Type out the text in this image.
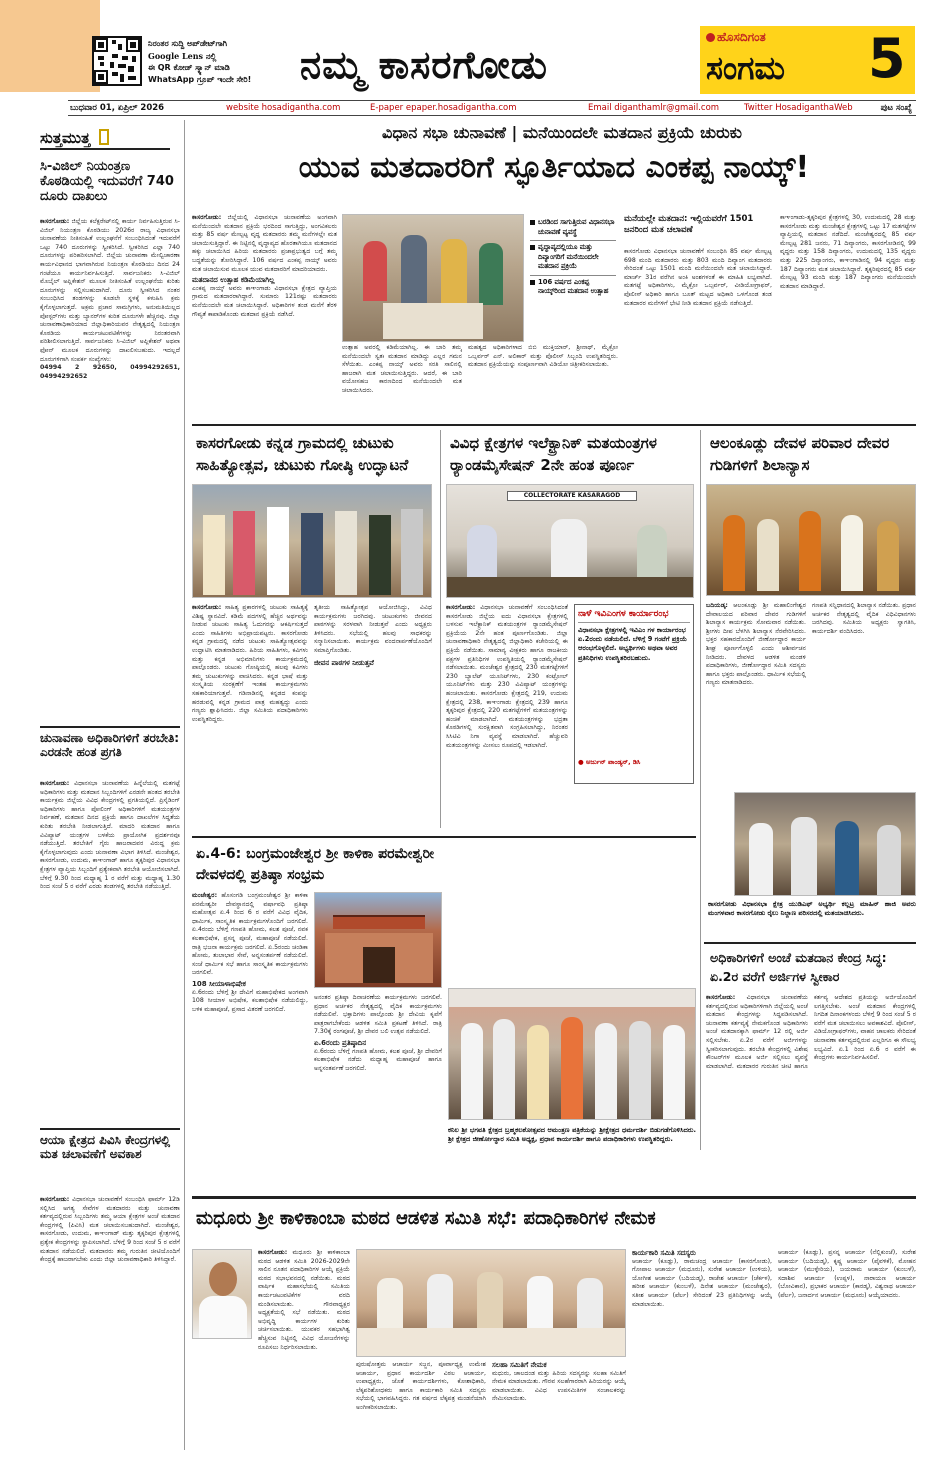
ನಿರಂತರ ಸುದ್ದಿ ಅಪ್‌ಡೇಟ್‌ಗಾಗಿ
Google Lens ನಲ್ಲಿ
ಈ QR ಕೋಡ್ ಸ್ಕ್ಯಾನ್ ಮಾಡಿ
WhatsApp ಗ್ರೂಪ್ ಇಂದೇ ಸೇರಿ!	ನಮ್ಮ ಕಾಸರಗೋಡು
ಹೊಸದಿಗಂತ
ಸಂಗಮ 5
ಬುಧವಾರ 01, ಏಪ್ರಿಲ್ 2026	website hosadigantha.com	E-paper epaper.hosadigantha.com	Email diganthamlr@gmail.com	Twitter HosadiganthaWeb	ಪುಟ ಸಂಖ್ಯೆ
ಸುತ್ತಮುತ್ತ
ಸಿ-ವಿಜಿಲ್ ನಿಯಂತ್ರಣ ಕೊಠಡಿಯಲ್ಲಿ ಇದುವರೆಗೆ 740 ದೂರು ದಾಖಲು
ಕಾಸರಗೋಡು: ಜಿಲ್ಲೆಯ ಕಲೆಕ್ಟರೇಟ್‌ನಲ್ಲಿ ಕಾರ್ಯ ನಿರ್ವಹಿಸುತ್ತಿರುವ ಸಿ-ವಿಜಿಲ್ ನಿಯಂತ್ರಣ ಕೊಠಡಿಯು 2026ರ ರಾಜ್ಯ ವಿಧಾನಸಭಾ ಚುನಾವಣೆಯ ನೀತಿಸಂಹಿತೆ ಉಲ್ಲಂಘನೆಗೆ ಸಂಬಂಧಿಸಿದಂತೆ ಇದುವರೆಗೆ ಒಟ್ಟು 740 ದೂರುಗಳನ್ನು ಸ್ವೀಕರಿಸಿದೆ. ಸ್ವೀಕರಿಸಿದ ಎಲ್ಲಾ 740 ದೂರುಗಳನ್ನು ಪರಿಹರಿಸಲಾಗಿದೆ. ಜಿಲ್ಲೆಯ ಚುನಾವಣಾ ಮೇಲ್ವಿಚಾರಣಾ ಕಾರ್ಯವಿಧಾನದ ಭಾಗವಾಗಿರುವ ನಿಯಂತ್ರಣ ಕೊಠಡಿಯು ದಿನದ 24 ಗಂಟೆಯೂ ಕಾರ್ಯನಿರ್ವಹಿಸುತ್ತಿದೆ. ಸಾರ್ವಜನಿಕರು ಸಿ-ವಿಜಿಲ್ ಮೊಬೈಲ್ ಅಪ್ಲಿಕೇಶನ್ ಮೂಲಕ ನೀತಿಸಂಹಿತೆ ಉಲ್ಲಂಘನೆಯ ಕುರಿತು ದೂರುಗಳನ್ನು ಸಲ್ಲಿಸಬಹುದಾಗಿದೆ. ದೂರು ಸ್ವೀಕರಿಸಿದ ನಂತರ ಸಂಬಂಧಿಸಿದ ತಂಡಗಳನ್ನು ಕೂಡಲೇ ಸ್ಥಳಕ್ಕೆ ಕಳುಹಿಸಿ ಕ್ರಮ ಕೈಗೊಳ್ಳಲಾಗುತ್ತದೆ. ಅಕ್ರಮ ಪ್ರಚಾರ ಸಾಮಗ್ರಿಗಳು, ಅನುಮತಿಯಿಲ್ಲದ ಪೋಸ್ಟರ್‌ಗಳು ಮತ್ತು ಬ್ಯಾನರ್‌ಗಳ ಕುರಿತ ದೂರುಗಳೇ ಹೆಚ್ಚಿನವು. ಜಿಲ್ಲಾ ಚುನಾವಣಾಧಿಕಾರಿಯಾದ ಜಿಲ್ಲಾಧಿಕಾರಿಯವರ ನೇತೃತ್ವದಲ್ಲಿ ನಿಯಂತ್ರಣ ಕೊಠಡಿಯ ಕಾರ್ಯಚಟುವಟಿಕೆಗಳನ್ನು ನಿರಂತರವಾಗಿ ಪರಿಶೀಲಿಸಲಾಗುತ್ತಿದೆ. ಸಾರ್ವಜನಿಕರು ಸಿ-ವಿಜಿಲ್ ಅಪ್ಲಿಕೇಶನ್ ಅಥವಾ ಫೋನ್ ಮೂಲಕ ದೂರುಗಳನ್ನು ದಾಖಲಿಸಬಹುದು. ಇದಲ್ಲದೆ ದೂರುಗಳಿಗಾಗಿ ಸಂಪರ್ಕ ಸಂಖ್ಯೆಗಳು:
04994 2 92650, 04994292651, 04994292652
ಚುನಾವಣಾ ಅಧಿಕಾರಿಗಳಿಗೆ ತರಬೇತಿ: ಎರಡನೇ ಹಂತ ಪ್ರಗತಿ
ಕಾಸರಗೋಡು: ವಿಧಾನಸಭಾ ಚುನಾವಣೆಯ ಹಿನ್ನೆಲೆಯಲ್ಲಿ ಮತಗಟ್ಟೆ ಅಧಿಕಾರಿಗಳು ಮತ್ತು ಮತದಾನ ಸಿಬ್ಬಂದಿಗಳಿಗೆ ಎರಡನೇ ಹಂತದ ತರಬೇತಿ ಕಾರ್ಯಕ್ರಮ ಜಿಲ್ಲೆಯ ವಿವಿಧ ಕೇಂದ್ರಗಳಲ್ಲಿ ಪ್ರಗತಿಯಲ್ಲಿದೆ. ಪ್ರಿಸೈಡಿಂಗ್ ಅಧಿಕಾರಿಗಳು ಹಾಗೂ ಪೋಲಿಂಗ್ ಅಧಿಕಾರಿಗಳಿಗೆ ಮತಯಂತ್ರಗಳ ನಿರ್ವಹಣೆ, ಮತದಾನ ದಿನದ ಪ್ರಕ್ರಿಯೆ ಹಾಗೂ ದಾಖಲೆಗಳ ಸಿದ್ಧತೆಯ ಕುರಿತು ತರಬೇತಿ ನೀಡಲಾಗುತ್ತಿದೆ. ಮಾದರಿ ಮತದಾನ ಹಾಗೂ ವಿವಿಪ್ಯಾಟ್ ಯಂತ್ರಗಳ ಬಳಕೆಯ ಪ್ರಾಯೋಗಿಕ ಪ್ರದರ್ಶನವೂ ನಡೆಯುತ್ತಿದೆ. ತರಬೇತಿಗೆ ಗೈರು ಹಾಜರಾದವರ ವಿರುದ್ಧ ಕ್ರಮ ಕೈಗೊಳ್ಳಲಾಗುವುದು ಎಂದು ಚುನಾವಣಾ ವಿಭಾಗ ತಿಳಿಸಿದೆ. ಮಂಜೇಶ್ವರ, ಕಾಸರಗೋಡು, ಉದುಮ, ಕಾಞಂಗಾಡ್ ಹಾಗೂ ತೃಕ್ಕರಿಪುರ ವಿಧಾನಸಭಾ ಕ್ಷೇತ್ರಗಳ ವ್ಯಾಪ್ತಿಯ ಸಿಬ್ಬಂದಿಗೆ ಪ್ರತ್ಯೇಕವಾಗಿ ತರಬೇತಿ ಆಯೋಜಿಸಲಾಗಿದೆ. ಬೆಳಿಗ್ಗೆ 9.30 ರಿಂದ ಮಧ್ಯಾಹ್ನ 1 ರ ವರೆಗೆ ಮತ್ತು ಮಧ್ಯಾಹ್ನ 1.30 ರಿಂದ ಸಂಜೆ 5 ರ ವರೆಗೆ ಎರಡು ತಂಡಗಳಲ್ಲಿ ತರಬೇತಿ ನಡೆಯುತ್ತಿದೆ.
ಆಯಾ ಕ್ಷೇತ್ರದ ಪಿವಿಸಿ ಕೇಂದ್ರಗಳಲ್ಲಿ ಮತ ಚಲಾವಣೆಗೆ ಅವಕಾಶ
ಕಾಸರಗೋಡು: ವಿಧಾನಸಭಾ ಚುನಾವಣೆಗೆ ಸಂಬಂಧಿಸಿ ಫಾರ್ಮ್ 12ಡಿ ಸಲ್ಲಿಸಿದ ಅಗತ್ಯ ಸೇವೆಗಳ ಮತದಾರರು ಮತ್ತು ಚುನಾವಣಾ ಕರ್ತವ್ಯದಲ್ಲಿರುವ ಸಿಬ್ಬಂದಿಗಳು ತಮ್ಮ ಆಯಾ ಕ್ಷೇತ್ರಗಳ ಅಂಚೆ ಮತದಾನ ಕೇಂದ್ರಗಳಲ್ಲಿ (ಪಿವಿಸಿ) ಮತ ಚಲಾಯಿಸಬಹುದಾಗಿದೆ. ಮಂಜೇಶ್ವರ, ಕಾಸರಗೋಡು, ಉದುಮ, ಕಾಞಂಗಾಡ್ ಮತ್ತು ತೃಕ್ಕರಿಪುರ ಕ್ಷೇತ್ರಗಳಲ್ಲಿ ಪ್ರತ್ಯೇಕ ಕೇಂದ್ರಗಳನ್ನು ಸ್ಥಾಪಿಸಲಾಗಿದೆ. ಬೆಳಿಗ್ಗೆ 9 ರಿಂದ ಸಂಜೆ 5 ರ ವರೆಗೆ ಮತದಾನ ನಡೆಯಲಿದೆ. ಮತದಾರರು ತಮ್ಮ ಗುರುತಿನ ಚೀಟಿಯೊಂದಿಗೆ ಕೇಂದ್ರಕ್ಕೆ ಹಾಜರಾಗಬೇಕು ಎಂದು ಜಿಲ್ಲಾ ಚುನಾವಣಾಧಿಕಾರಿ ತಿಳಿಸಿದ್ದಾರೆ.
ವಿಧಾನ ಸಭಾ ಚುನಾವಣೆ | ಮನೆಯಿಂದಲೇ ಮತದಾನ ಪ್ರಕ್ರಿಯೆ ಚುರುಕು
ಯುವ ಮತದಾರರಿಗೆ ಸ್ಫೂರ್ತಿಯಾದ ಎಂಕಪ್ಪ ನಾಯ್ಕ್!
ಕಾಸರಗೋಡು: ಜಿಲ್ಲೆಯಲ್ಲಿ ವಿಧಾನಸಭಾ ಚುನಾವಣೆಯ ಅಂಗವಾಗಿ ಮನೆಯಿಂದಲೇ ಮತದಾನ ಪ್ರಕ್ರಿಯೆ ಭರದಿಂದ ಸಾಗುತ್ತಿದ್ದು, ಅಂಗವಿಕಲರು ಮತ್ತು 85 ವರ್ಷ ಮೇಲ್ಪಟ್ಟ ವೃದ್ಧ ಮತದಾರರು ತಮ್ಮ ಮನೆಗಳಲ್ಲೇ ಮತ ಚಲಾಯಿಸುತ್ತಿದ್ದಾರೆ. ಈ ನಿಟ್ಟಿನಲ್ಲಿ ವೃದ್ಧಾಪ್ಯದ ಹೊರತಾಗಿಯೂ ಮತದಾನದ ಹಕ್ಕು ಚಲಾಯಿಸಿದ ಹಿರಿಯ ಮತದಾರರು ಪ್ರಜಾಪ್ರಭುತ್ವದ ಬಗ್ಗೆ ತಮ್ಮ ಬದ್ಧತೆಯನ್ನು ತೋರಿಸಿದ್ದಾರೆ. 106 ವರ್ಷದ ಎಂಕಪ್ಪ ನಾಯ್ಕ್ ಅವರು ಮತ ಚಲಾಯಿಸುವ ಮೂಲಕ ಯುವ ಮತದಾರರಿಗೆ ಮಾದರಿಯಾದರು.
ಮತದಾನದ ಉತ್ಸಾಹ ಕಡಿಮೆಯಾಗಿಲ್ಲ
ಎಂಕಪ್ಪ ನಾಯ್ಕ್ ಅವರು ಕಾಞಂಗಾಡು ವಿಧಾನಸಭಾ ಕ್ಷೇತ್ರದ ವ್ಯಾಪ್ತಿಯ ಗ್ರಾಮದ ಮತದಾರರಾಗಿದ್ದಾರೆ. ಸುಮಾರು 121ರಷ್ಟು ಮತದಾರರು ಮನೆಯಿಂದಲೇ ಮತ ಚಲಾಯಿಸಿದ್ದಾರೆ. ಅಧಿಕಾರಿಗಳ ತಂಡ ಮನೆಗೆ ತೆರಳಿ ಗೌಪ್ಯತೆ ಕಾಪಾಡಿಕೊಂಡು ಮತದಾನ ಪ್ರಕ್ರಿಯೆ ನಡೆಸಿದೆ.
ಬರಡಿಂದ ಸಾಗುತ್ತಿರುವ ವಿಧಾನಸಭಾ ಚುನಾವಣೆ ವ್ಯವಸ್ಥೆ
ವೃದ್ಧಾಪ್ಯದಲ್ಲಿಯೂ ಮತ್ತು ದಿವ್ಯಾಂಗರಿಗೆ ಮನೆಯಿಂದಲೇ ಮತದಾನ ಪ್ರಕ್ರಿಯೆ
106 ವರ್ಷದ ಎಂಕಪ್ಪ ನಾಯ್ಕ್‌ರಿಂದ ಮತದಾನ ಉತ್ಸಾಹ
ಉತ್ಸಾಹ ಅವರಲ್ಲಿ ಕಡಿಮೆಯಾಗಿಲ್ಲ. ಈ ಬಾರಿ ತಮ್ಮ ಮನೆಯಿಂದಲೇ ಸ್ವತಃ ಮತದಾನ ಮಾಡಿದ್ದು ಎಲ್ಲರ ಗಮನ ಸೆಳೆಯಿತು. ಎಂಕಪ್ಪ ನಾಯ್ಕ್ ಅವರು ಸರತಿ ಸಾಲಿನಲ್ಲಿ ಹಾಜರಾಗಿ ಮತ ಚಲಾಯಿಸುತ್ತಿದ್ದರು. ಆದರೆ, ಈ ಬಾರಿ ವಯೋಸಹಜ ಕಾರಣದಿಂದ ಮನೆಯಿಂದಲೇ ಮತ ಚಲಾಯಿಸಿದರು.
ಮಹತ್ವದ ಅಧಿಕಾರಿಗಳಾದ ಬಿಬಿ ಮುಕ್ತಿಯಾರ್, ಶ್ರೀನಾಥ್, ಮೈಕ್ರೋ ಒಬ್ಸರ್ವರ್ ಎನ್. ಅಲಿಕಾರ್ ಮತ್ತು ಪೊಲೀಸ್ ಸಿಬ್ಬಂದಿ ಉಪಸ್ಥಿತರಿದ್ದರು. ಮತದಾನ ಪ್ರಕ್ರಿಯೆಯನ್ನು ಸಂಪೂರ್ಣವಾಗಿ ವಿಡಿಯೋ ಚಿತ್ರೀಕರಿಸಲಾಯಿತು.
ಮನೆಯಲ್ಲೇ ಮತದಾನ: ಇಲ್ಲಿಯವರೆಗೆ 1501 ಜನರಿಂದ ಮತ ಚಲಾವಣೆ
ಕಾಸರಗೋಡು ವಿಧಾನಸಭಾ ಚುನಾವಣೆಗೆ ಸಂಬಂಧಿಸಿ 85 ವರ್ಷ ಮೇಲ್ಪಟ್ಟ 698 ಮಂದಿ ಮತದಾರರು ಮತ್ತು 803 ಮಂದಿ ದಿವ್ಯಾಂಗ ಮತದಾರರು ಸೇರಿದಂತೆ ಒಟ್ಟು 1501 ಮಂದಿ ಮನೆಯಿಂದಲೇ ಮತ ಚಲಾಯಿಸಿದ್ದಾರೆ. ಮಾರ್ಚ್ 31ರ ವರೆಗಿನ ಅಂಕಿ ಅಂಶಗಳಂತೆ ಈ ಮಾಹಿತಿ ಲಭ್ಯವಾಗಿದೆ. ಮತಗಟ್ಟೆ ಅಧಿಕಾರಿಗಳು, ಮೈಕ್ರೋ ಒಬ್ಸರ್ವರ್, ವೀಡಿಯೋಗ್ರಾಫರ್, ಪೊಲೀಸ್ ಅಧಿಕಾರಿ ಹಾಗೂ ಬೂತ್ ಮಟ್ಟದ ಅಧಿಕಾರಿ ಒಳಗೊಂಡ ತಂಡ ಮತದಾರರ ಮನೆಗಳಿಗೆ ಭೇಟಿ ನೀಡಿ ಮತದಾನ ಪ್ರಕ್ರಿಯೆ ನಡೆಸುತ್ತಿದೆ.
ಕಾಞಂಗಾಡು-ತೃಕ್ಕರಿಪುರ ಕ್ಷೇತ್ರಗಳಲ್ಲಿ 30, ಉದುಮದಲ್ಲಿ 28 ಮತ್ತು ಕಾಸರಗೋಡು ಮತ್ತು ಮಂಜೇಶ್ವರ ಕ್ಷೇತ್ರಗಳಲ್ಲಿ ಒಟ್ಟು 17 ಮತಗಟ್ಟೆಗಳ ವ್ಯಾಪ್ತಿಯಲ್ಲಿ ಮತದಾನ ನಡೆದಿದೆ. ಮಂಜೇಶ್ವರದಲ್ಲಿ 85 ವರ್ಷ ಮೇಲ್ಪಟ್ಟ 281 ಜನರು, 71 ದಿವ್ಯಾಂಗರು, ಕಾಸರಗೋಡಿನಲ್ಲಿ 99 ವೃದ್ಧರು ಮತ್ತು 158 ದಿವ್ಯಾಂಗರು, ಉದುಮದಲ್ಲಿ 135 ವೃದ್ಧರು ಮತ್ತು 225 ದಿವ್ಯಾಂಗರು, ಕಾಞಂಗಾಡಿನಲ್ಲಿ 94 ವೃದ್ಧರು ಮತ್ತು 187 ದಿವ್ಯಾಂಗರು ಮತ ಚಲಾಯಿಸಿದ್ದಾರೆ. ತೃಕ್ಕರಿಪುರದಲ್ಲಿ 85 ವರ್ಷ ಮೇಲ್ಪಟ್ಟ 93 ಮಂದಿ ಮತ್ತು 187 ದಿವ್ಯಾಂಗರು ಮನೆಯಿಂದಲೇ ಮತದಾನ ಮಾಡಿದ್ದಾರೆ.
ಕಾಸರಗೋಡು ಕನ್ನಡ ಗ್ರಾಮದಲ್ಲಿ ಚುಟುಕು ಸಾಹಿತ್ಯೋತ್ಸವ, ಚುಟುಕು ಗೋಷ್ಠಿ ಉದ್ಘಾಟನೆ
ಕಾಸರಗೋಡು: ಸಾಹಿತ್ಯ ಪ್ರಕಾರಗಳಲ್ಲಿ ಚುಟುಕು ಸಾಹಿತ್ಯಕ್ಕೆ ವಿಶಿಷ್ಟ ಸ್ಥಾನವಿದೆ. ಕಡಿಮೆ ಪದಗಳಲ್ಲಿ ಹೆಚ್ಚಿನ ಅರ್ಥವನ್ನು ನೀಡುವ ಚುಟುಕು ಸಾಹಿತ್ಯ ಓದುಗರನ್ನು ಆಕರ್ಷಿಸುತ್ತದೆ ಎಂದು ಸಾಹಿತಿಗಳು ಅಭಿಪ್ರಾಯಪಟ್ಟರು. ಕಾಸರಗೋಡು ಕನ್ನಡ ಗ್ರಾಮದಲ್ಲಿ ನಡೆದ ಚುಟುಕು ಸಾಹಿತ್ಯೋತ್ಸವವನ್ನು ಉದ್ಘಾಟಿಸಿ ಮಾತನಾಡಿದರು. ಹಿರಿಯ ಸಾಹಿತಿಗಳು, ಕವಿಗಳು ಮತ್ತು ಕನ್ನಡ ಅಭಿಮಾನಿಗಳು ಕಾರ್ಯಕ್ರಮದಲ್ಲಿ ಪಾಲ್ಗೊಂಡರು. ಚುಟುಕು ಗೋಷ್ಠಿಯಲ್ಲಿ ಹಲವು ಕವಿಗಳು ತಮ್ಮ ಚುಟುಕುಗಳನ್ನು ವಾಚಿಸಿದರು. ಕನ್ನಡ ಭಾಷೆ ಮತ್ತು ಸಂಸ್ಕೃತಿಯ ಸಂರಕ್ಷಣೆಗೆ ಇಂತಹ ಕಾರ್ಯಕ್ರಮಗಳು ಸಹಕಾರಿಯಾಗುತ್ತವೆ. ಗಡಿನಾಡಿನಲ್ಲಿ ಕನ್ನಡದ ಕಂಪನ್ನು ಹರಡುವಲ್ಲಿ ಕನ್ನಡ ಗ್ರಾಮದ ಪಾತ್ರ ಮಹತ್ವದ್ದು ಎಂದು ಗಣ್ಯರು ಶ್ಲಾಘಿಸಿದರು. ಜಿಲ್ಲಾ ಸಮಿತಿಯ ಪದಾಧಿಕಾರಿಗಳು ಉಪಸ್ಥಿತರಿದ್ದರು.
ತೃತೀಯ ಸಾಹಿತ್ಯೋತ್ಸವ ಆಯೋಜಿಸಿದ್ದು, ವಿವಿಧ ಕಾರ್ಯಕ್ರಮಗಳು ಜರಗಿದವು. ಚುಟುಕುಗಳು ಜೀವನದ ಪಾಠಗಳನ್ನು ಸರಳವಾಗಿ ನೀಡುತ್ತವೆ ಎಂದು ಅಧ್ಯಕ್ಷರು ತಿಳಿಸಿದರು. ಸಭೆಯಲ್ಲಿ ಹಲವು ಸಾಧಕರನ್ನು ಸನ್ಮಾನಿಸಲಾಯಿತು. ಕಾರ್ಯಕ್ರಮ ವಂದನಾರ್ಪಣೆಯೊಂದಿಗೆ ಸಮಾಪ್ತಿಗೊಂಡಿತು.
ಜೀವನ ಪಾಠಗಳ ನೀಡುತ್ತವೆ
ವಿವಿಧ ಕ್ಷೇತ್ರಗಳ ಇಲೆಕ್ಟ್ರಾನಿಕ್ ಮತಯಂತ್ರಗಳ ರ‍್ಯಾಂಡಮೈಸೇಷನ್ 2ನೇ ಹಂತ ಪೂರ್ಣ
COLLECTORATE KASARAGOD
ಕಾಸರಗೋಡು: ವಿಧಾನಸಭಾ ಚುನಾವಣೆಗೆ ಸಂಬಂಧಿಸಿದಂತೆ ಕಾಸರಗೋಡು ಜಿಲ್ಲೆಯ ಐದು ವಿಧಾನಸಭಾ ಕ್ಷೇತ್ರಗಳಲ್ಲಿ ಬಳಸುವ ಇಲೆಕ್ಟ್ರಾನಿಕ್ ಮತಯಂತ್ರಗಳ ರ‍್ಯಾಂಡಮೈಸೇಷನ್ ಪ್ರಕ್ರಿಯೆಯ 2ನೇ ಹಂತ ಪೂರ್ಣಗೊಂಡಿತು. ಜಿಲ್ಲಾ ಚುನಾವಣಾಧಿಕಾರಿ ನೇತೃತ್ವದಲ್ಲಿ ಜಿಲ್ಲಾಧಿಕಾರಿ ಕಚೇರಿಯಲ್ಲಿ ಈ ಪ್ರಕ್ರಿಯೆ ನಡೆಯಿತು. ಸಾಮಾನ್ಯ ವೀಕ್ಷಕರು ಹಾಗೂ ರಾಜಕೀಯ ಪಕ್ಷಗಳ ಪ್ರತಿನಿಧಿಗಳ ಉಪಸ್ಥಿತಿಯಲ್ಲಿ ರ‍್ಯಾಂಡಮೈಸೇಷನ್ ನಡೆಸಲಾಯಿತು. ಮಂಜೇಶ್ವರ ಕ್ಷೇತ್ರದಲ್ಲಿ 230 ಮತಗಟ್ಟೆಗಳಿಗೆ 230 ಬ್ಯಾಲೆಟ್ ಯೂನಿಟ್‌ಗಳು, 230 ಕಂಟ್ರೋಲ್ ಯೂನಿಟ್‌ಗಳು ಮತ್ತು 230 ವಿವಿಪ್ಯಾಟ್ ಯಂತ್ರಗಳನ್ನು ಹಂಚಲಾಯಿತು. ಕಾಸರಗೋಡು ಕ್ಷೇತ್ರದಲ್ಲಿ 219, ಉದುಮ ಕ್ಷೇತ್ರದಲ್ಲಿ 238, ಕಾಞಂಗಾಡು ಕ್ಷೇತ್ರದಲ್ಲಿ 239 ಹಾಗೂ ತೃಕ್ಕರಿಪುರ ಕ್ಷೇತ್ರದಲ್ಲಿ 220 ಮತಗಟ್ಟೆಗಳಿಗೆ ಮತಯಂತ್ರಗಳನ್ನು ಹಂಚಿಕೆ ಮಾಡಲಾಗಿದೆ. ಮತಯಂತ್ರಗಳನ್ನು ಭದ್ರತಾ ಕೊಠಡಿಗಳಲ್ಲಿ ಸುರಕ್ಷಿತವಾಗಿ ಸಂಗ್ರಹಿಸಲಾಗಿದ್ದು, ನಿರಂತರ ಸಿಸಿಟಿವಿ ನಿಗಾ ವ್ಯವಸ್ಥೆ ಮಾಡಲಾಗಿದೆ. ಹೆಚ್ಚುವರಿ ಮತಯಂತ್ರಗಳನ್ನು ಮೀಸಲು ರೂಪದಲ್ಲಿ ಇಡಲಾಗಿದೆ.
ನಾಳೆ ಇವಿಎಂಗಳ ಕಾರ್ಯಾರಂಭ
ವಿಧಾನಸಭಾ ಕ್ಷೇತ್ರಗಳಲ್ಲಿ ಇವಿಎಂ ಗಳ ಕಾರ್ಯಾರಂಭ ಏ.2ರಂದು ನಡೆಯಲಿದೆ. ಬೆಳಿಗ್ಗೆ 9 ಗಂಟೆಗೆ ಪ್ರಕ್ರಿಯೆ ಆರಂಭಗೊಳ್ಳಲಿದೆ. ಅಭ್ಯರ್ಥಿಗಳು ಅಥವಾ ಅವರ ಪ್ರತಿನಿಧಿಗಳು ಉಪಸ್ಥಿತರಿರಬಹುದು.
● ಅರ್ಜುನ್ ಪಾಂಡ್ಯನ್, ಡಿಸಿ
ಆಲಂಕೂಡ್ಲು ದೇವಳ ಪರಿವಾರ ದೇವರ ಗುಡಿಗಳಿಗೆ ಶಿಲಾನ್ಯಾಸ
ಬದಿಯಡ್ಕ: ಆಲಂಕೂಡ್ಲು ಶ್ರೀ ಮಹಾಲಿಂಗೇಶ್ವರ ದೇವಾಲಯದ ಪರಿವಾರ ದೇವರ ಗುಡಿಗಳಿಗೆ ಶಿಲಾನ್ಯಾಸ ಕಾರ್ಯಕ್ರಮ ಸೋಮವಾರ ನಡೆಯಿತು. ಶ್ರೀಗಳು ದೀಪ ಬೆಳಗಿಸಿ ಶಿಲಾನ್ಯಾಸ ನೆರವೇರಿಸಿದರು. ಭಕ್ತರ ಸಹಕಾರದೊಂದಿಗೆ ಜೀರ್ಣೋದ್ಧಾರ ಕಾರ್ಯ ಶೀಘ್ರ ಪೂರ್ಣಗೊಳ್ಳಲಿ ಎಂದು ಆಶೀರ್ವಚನ ನೀಡಿದರು. ದೇವಳದ ಆಡಳಿತ ಮಂಡಳಿ ಪದಾಧಿಕಾರಿಗಳು, ಜೀರ್ಣೋದ್ಧಾರ ಸಮಿತಿ ಸದಸ್ಯರು ಹಾಗೂ ಭಕ್ತರು ಪಾಲ್ಗೊಂಡರು. ಧಾರ್ಮಿಕ ಸಭೆಯಲ್ಲಿ ಗಣ್ಯರು ಮಾತನಾಡಿದರು.
ಗಣಪತಿ ಸನ್ನಿಧಾನದಲ್ಲಿ ಶಿಲಾನ್ಯಾಸ ನಡೆಯಿತು. ಪ್ರಧಾನ ಅರ್ಚಕರ ನೇತೃತ್ವದಲ್ಲಿ ವೈದಿಕ ವಿಧಿವಿಧಾನಗಳು ಜರಗಿದವು. ಸಮಿತಿಯ ಅಧ್ಯಕ್ಷರು ಸ್ವಾಗತಿಸಿ, ಕಾರ್ಯದರ್ಶಿ ವಂದಿಸಿದರು.
ಕಾಸರಗೋಡು ವಿಧಾನಸಭಾ ಕ್ಷೇತ್ರ ಯುಡಿಎಫ್ ಅಭ್ಯರ್ಥಿ ಕಲ್ಲಟ್ರ ಮಾಹಿನ್ ಹಾಜಿ ಅವರು ಮಂಗಳವಾರ ಕಾಸರಗೋಡು ರೈಲು ನಿಲ್ದಾಣ ಪರಿಸರದಲ್ಲಿ ಮತಯಾಚಿಸಿದರು.
ಏ.4-6: ಬಂಗ್ರಮಂಜೇಶ್ವರ ಶ್ರೀ ಕಾಳಿಕಾ ಪರಮೇಶ್ವರೀ ದೇವಳದಲ್ಲಿ ಪ್ರತಿಷ್ಠಾ ಸಂಭ್ರಮ
ಮಂಜೇಶ್ವರ: ಹೊಸಂಗಡಿ ಬಂಗ್ರಮಂಜೇಶ್ವರ ಶ್ರೀ ಕಾಳಿಕಾ ಪರಮೇಶ್ವರೀ ದೇವಸ್ಥಾನದಲ್ಲಿ ವರ್ಷಾವಧಿ ಪ್ರತಿಷ್ಠಾ ಮಹೋತ್ಸವ ಏ.4 ರಿಂದ 6 ರ ವರೆಗೆ ವಿವಿಧ ವೈದಿಕ, ಧಾರ್ಮಿಕ, ಸಾಂಸ್ಕೃತಿಕ ಕಾರ್ಯಕ್ರಮಗಳೊಂದಿಗೆ ಜರಗಲಿದೆ. ಏ.4ರಂದು ಬೆಳಿಗ್ಗೆ ಗಣಪತಿ ಹೋಮ, ಕಲಶ ಪೂಜೆ, ನವಕ ಕಲಶಾಭಿಷೇಕ, ಪ್ರಸನ್ನ ಪೂಜೆ, ಮಹಾಪೂಜೆ ನಡೆಯಲಿದೆ. ರಾತ್ರಿ ಭಜನಾ ಕಾರ್ಯಕ್ರಮ ಜರಗಲಿದೆ. ಏ.5ರಂದು ಚಂಡಿಕಾ ಹೋಮ, ತುಲಾಭಾರ ಸೇವೆ, ಅನ್ನಸಂತರ್ಪಣೆ ನಡೆಯಲಿದೆ. ಸಂಜೆ ಧಾರ್ಮಿಕ ಸಭೆ ಹಾಗೂ ಸಾಂಸ್ಕೃತಿಕ ಕಾರ್ಯಕ್ರಮಗಳು ಜರಗಲಿವೆ.
108 ಸೀಯಾಳಾಭಿಷೇಕ
ಏ.6ರಂದು ಬೆಳಿಗ್ಗೆ ಶ್ರೀ ದೇವಿಗೆ ಮಹಾಭಿಷೇಕದ ಅಂಗವಾಗಿ 108 ಸೀಯಾಳ ಅಭಿಷೇಕ, ಕಲಶಾಭಿಷೇಕ ನಡೆಯಲಿದ್ದು, ಬಳಿಕ ಮಹಾಪೂಜೆ, ಪ್ರಸಾದ ವಿತರಣೆ ಜರಗಲಿದೆ.
ಅನಂತರ ಪ್ರತಿಷ್ಠಾ ದಿನಾಚರಣೆಯ ಕಾರ್ಯಕ್ರಮಗಳು ಜರಗಲಿವೆ. ಪ್ರಧಾನ ಅರ್ಚಕರ ನೇತೃತ್ವದಲ್ಲಿ ವೈದಿಕ ಕಾರ್ಯಕ್ರಮಗಳು ನಡೆಯಲಿವೆ. ಭಕ್ತಾದಿಗಳು ಪಾಲ್ಗೊಂಡು ಶ್ರೀ ದೇವಿಯ ಕೃಪೆಗೆ ಪಾತ್ರರಾಗಬೇಕೆಂದು ಆಡಳಿತ ಸಮಿತಿ ಪ್ರಕಟಣೆ ತಿಳಿಸಿದೆ. ರಾತ್ರಿ 7.30ಕ್ಕೆ ರಂಗಪೂಜೆ, ಶ್ರೀ ದೇವರ ಬಲಿ ಉತ್ಸವ ನಡೆಯಲಿದೆ.
ಏ.6ರಂದು ಪ್ರತಿಷ್ಠಾದಿನ
ಏ.6ರಂದು ಬೆಳಿಗ್ಗೆ ಗಣಪತಿ ಹೋಮ, ಕಲಶ ಪೂಜೆ, ಶ್ರೀ ದೇವರಿಗೆ ಕಲಶಾಭಿಷೇಕ ನಡೆದು ಮಧ್ಯಾಹ್ನ ಮಹಾಪೂಜೆ ಹಾಗೂ ಅನ್ನಸಂತರ್ಪಣೆ ಜರಗಲಿದೆ.
ಕನಿಲ ಶ್ರೀ ಭಗವತಿ ಕ್ಷೇತ್ರದ ಬ್ರಹ್ಮಕಲಶೋತ್ಸವದ ಆಮಂತ್ರಣ ಪತ್ರಿಕೆಯನ್ನು ಶ್ರೀಕ್ಷೇತ್ರದ ಧರ್ಮದರ್ಶಿ ಬಿಡುಗಡೆಗೊಳಿಸಿದರು. ಶ್ರೀ ಕ್ಷೇತ್ರದ ಜೀರ್ಣೋದ್ಧಾರ ಸಮಿತಿ ಅಧ್ಯಕ್ಷ, ಪ್ರಧಾನ ಕಾರ್ಯದರ್ಶಿ ಹಾಗೂ ಪದಾಧಿಕಾರಿಗಳು ಉಪಸ್ಥಿತರಿದ್ದರು.
ಅಧಿಕಾರಿಗಳಿಗೆ ಅಂಚೆ ಮತದಾನ ಕೇಂದ್ರ ಸಿದ್ಧ: ಏ.2ರ ವರೆಗೆ ಅರ್ಜಿಗಳ ಸ್ವೀಕಾರ
ಕಾಸರಗೋಡು: ವಿಧಾನಸಭಾ ಚುನಾವಣೆಯ ಕರ್ತವ್ಯದಲ್ಲಿರುವ ಅಧಿಕಾರಿಗಳಿಗಾಗಿ ಜಿಲ್ಲೆಯಲ್ಲಿ ಅಂಚೆ ಮತದಾನ ಕೇಂದ್ರಗಳನ್ನು ಸಿದ್ಧಪಡಿಸಲಾಗಿದೆ. ಚುನಾವಣಾ ಕರ್ತವ್ಯಕ್ಕೆ ನೇಮಕಗೊಂಡ ಅಧಿಕಾರಿಗಳು ಅಂಚೆ ಮತದಾನಕ್ಕಾಗಿ ಫಾರ್ಮ್ 12 ರಲ್ಲಿ ಅರ್ಜಿ ಸಲ್ಲಿಸಬೇಕು. ಏ.2ರ ವರೆಗೆ ಅರ್ಜಿಗಳನ್ನು ಸ್ವೀಕರಿಸಲಾಗುವುದು. ತರಬೇತಿ ಕೇಂದ್ರಗಳಲ್ಲಿ ವಿಶೇಷ ಕೌಂಟರ್‌ಗಳ ಮೂಲಕ ಅರ್ಜಿ ಸಲ್ಲಿಸಲು ವ್ಯವಸ್ಥೆ ಮಾಡಲಾಗಿದೆ. ಮತದಾರರ ಗುರುತಿನ ಚೀಟಿ ಹಾಗೂ ಕರ್ತವ್ಯ ಆದೇಶದ ಪ್ರತಿಯನ್ನು ಅರ್ಜಿಯೊಂದಿಗೆ ಲಗತ್ತಿಸಬೇಕು. ಅಂಚೆ ಮತದಾನ ಕೇಂದ್ರಗಳಲ್ಲಿ ನಿಗದಿತ ದಿನಾಂಕಗಳಂದು ಬೆಳಿಗ್ಗೆ 9 ರಿಂದ ಸಂಜೆ 5 ರ ವರೆಗೆ ಮತ ಚಲಾಯಿಸಲು ಅವಕಾಶವಿದೆ. ಪೊಲೀಸ್, ವಿಡಿಯೋಗ್ರಾಫರ್‌ಗಳು, ವಾಹನ ಚಾಲಕರು ಸೇರಿದಂತೆ ಚುನಾವಣಾ ಕರ್ತವ್ಯದಲ್ಲಿರುವ ಎಲ್ಲರಿಗೂ ಈ ಸೌಲಭ್ಯ ಲಭ್ಯವಿದೆ. ಏ.1 ರಿಂದ ಏ.6 ರ ವರೆಗೆ ಈ ಕೇಂದ್ರಗಳು ಕಾರ್ಯನಿರ್ವಹಿಸಲಿವೆ.
ಮಧೂರು ಶ್ರೀ ಕಾಳಿಕಾಂಬಾ ಮಠದ ಆಡಳಿತ ಸಮಿತಿ ಸಭೆ: ಪದಾಧಿಕಾರಿಗಳ ನೇಮಕ
ಕಾಸರಗೋಡು: ಮಧೂರು ಶ್ರೀ ಕಾಳಿಕಾಂಬಾ ಮಠದ ಆಡಳಿತ ಸಮಿತಿ 2026-2029ನೇ ಸಾಲಿನ ನೂತನ ಪದಾಧಿಕಾರಿಗಳ ಆಯ್ಕೆ ಪ್ರಕ್ರಿಯೆ ಮಠದ ಸಭಾಭವನದಲ್ಲಿ ನಡೆಯಿತು. ಮಠದ ವಾರ್ಷಿಕ ಮಹಾಸಭೆಯಲ್ಲಿ ಸಮಿತಿಯ ಕಾರ್ಯಚಟುವಟಿಕೆಗಳ ವರದಿ ಮಂಡಿಸಲಾಯಿತು. ಗೌರವಾಧ್ಯಕ್ಷರ ಅಧ್ಯಕ್ಷತೆಯಲ್ಲಿ ಸಭೆ ನಡೆಯಿತು. ಮಠದ ಅಭಿವೃದ್ಧಿ ಕಾರ್ಯಗಳ ಕುರಿತು ಚರ್ಚಿಸಲಾಯಿತು. ಯುವಕರ ಸಹಭಾಗಿತ್ವ ಹೆಚ್ಚಿಸುವ ನಿಟ್ಟಿನಲ್ಲಿ ವಿವಿಧ ಯೋಜನೆಗಳನ್ನು ರೂಪಿಸಲು ನಿರ್ಧರಿಸಲಾಯಿತು.
ಪುರುಷೋತ್ತಮ ಆಚಾರ್ಯ ಸಜ್ಜನ, ಪೂರ್ವಾಧ್ಯಕ್ಷ ಉಮೇಶ ಆಚಾರ್ಯ, ಪ್ರಧಾನ ಕಾರ್ಯದರ್ಶಿ ವಿಠಲ ಆಚಾರ್ಯ, ಉಪಾಧ್ಯಕ್ಷರು, ಜೊತೆ ಕಾರ್ಯದರ್ಶಿಗಳು, ಕೋಶಾಧಿಕಾರಿ, ಲೆಕ್ಕಪರಿಶೋಧಕರು ಹಾಗೂ ಕಾರ್ಯಕಾರಿ ಸಮಿತಿ ಸದಸ್ಯರು ಸಭೆಯಲ್ಲಿ ಭಾಗವಹಿಸಿದ್ದರು. ಗತ ವರ್ಷದ ಲೆಕ್ಕಪತ್ರ ಮಂಡನೆಯಾಗಿ ಅಂಗೀಕರಿಸಲಾಯಿತು.
ಸಲಹಾ ಸಮಿತಿಗೆ ನೇಮಕ
ಮಧುರು, ಚಾಲದಂಡ ಮತ್ತು ಹಿರಿಯ ಸದಸ್ಯರನ್ನು ಸಲಹಾ ಸಮಿತಿಗೆ ನೇಮಕ ಮಾಡಲಾಯಿತು. ಗೌರವ ಸಲಹೆಗಾರರಾಗಿ ಹಿರಿಯರನ್ನು ಆಯ್ಕೆ ಮಾಡಲಾಯಿತು. ವಿವಿಧ ಉಪಸಮಿತಿಗಳ ಸಂಚಾಲಕರನ್ನು ನೇಮಿಸಲಾಯಿತು.
ಕಾರ್ಯಕಾರಿ ಸಮಿತಿ ಸದಸ್ಯರು
ಆಚಾರ್ಯ (ಕೂಡ್ಲು), ರಾಮಚಂದ್ರ ಆಚಾರ್ಯ (ಕಾಸರಗೋಡು), ಗೋಪಾಲ ಆಚಾರ್ಯ (ಮಧೂರು), ಸುರೇಶ ಆಚಾರ್ಯ (ಉಳಿಯ), ಯೋಗೀಶ ಆಚಾರ್ಯ (ಬದಿಯಡ್ಕ), ರಾಜೇಶ ಆಚಾರ್ಯ (ಚೆರ್ಕಳ), ಹರೀಶ ಆಚಾರ್ಯ (ಕುಂಬಳೆ), ದಿನೇಶ ಆಚಾರ್ಯ (ಮಂಜೇಶ್ವರ), ಸತೀಶ ಆಚಾರ್ಯ (ಪೆರ್ಲ) ಸೇರಿದಂತೆ 23 ಪ್ರತಿನಿಧಿಗಳನ್ನು ಆಯ್ಕೆ ಮಾಡಲಾಯಿತು.
ಆಚಾರ್ಯ (ಕೂಡ್ಲು), ಪ್ರಸನ್ನ ಆಚಾರ್ಯ (ನೆಲ್ಲಿಕುಂಜೆ), ಸುರೇಶ ಆಚಾರ್ಯ (ಬದಿಯಡ್ಕ), ಕೃಷ್ಣ ಆಚಾರ್ಯ (ಪೈವಳಿಕೆ), ಮೋಹನ ಆಚಾರ್ಯ (ಮುಳ್ಳೇರಿಯ), ಜಯರಾಮ ಆಚಾರ್ಯ (ಕುಂಬಳೆ), ಸದಾಶಿವ ಆಚಾರ್ಯ (ಉಪ್ಪಳ), ನಾರಾಯಣ ಆಚಾರ್ಯ (ಬೋವಿಕಾನ), ಪ್ರಭಾಕರ ಆಚಾರ್ಯ (ಕಾರಡ್ಕ), ವಿಶ್ವನಾಥ ಆಚಾರ್ಯ (ಪೆರ್ಲ), ಜನಾರ್ದನ ಆಚಾರ್ಯ (ಮಧೂರು) ಆಯ್ಕೆಯಾದರು.
